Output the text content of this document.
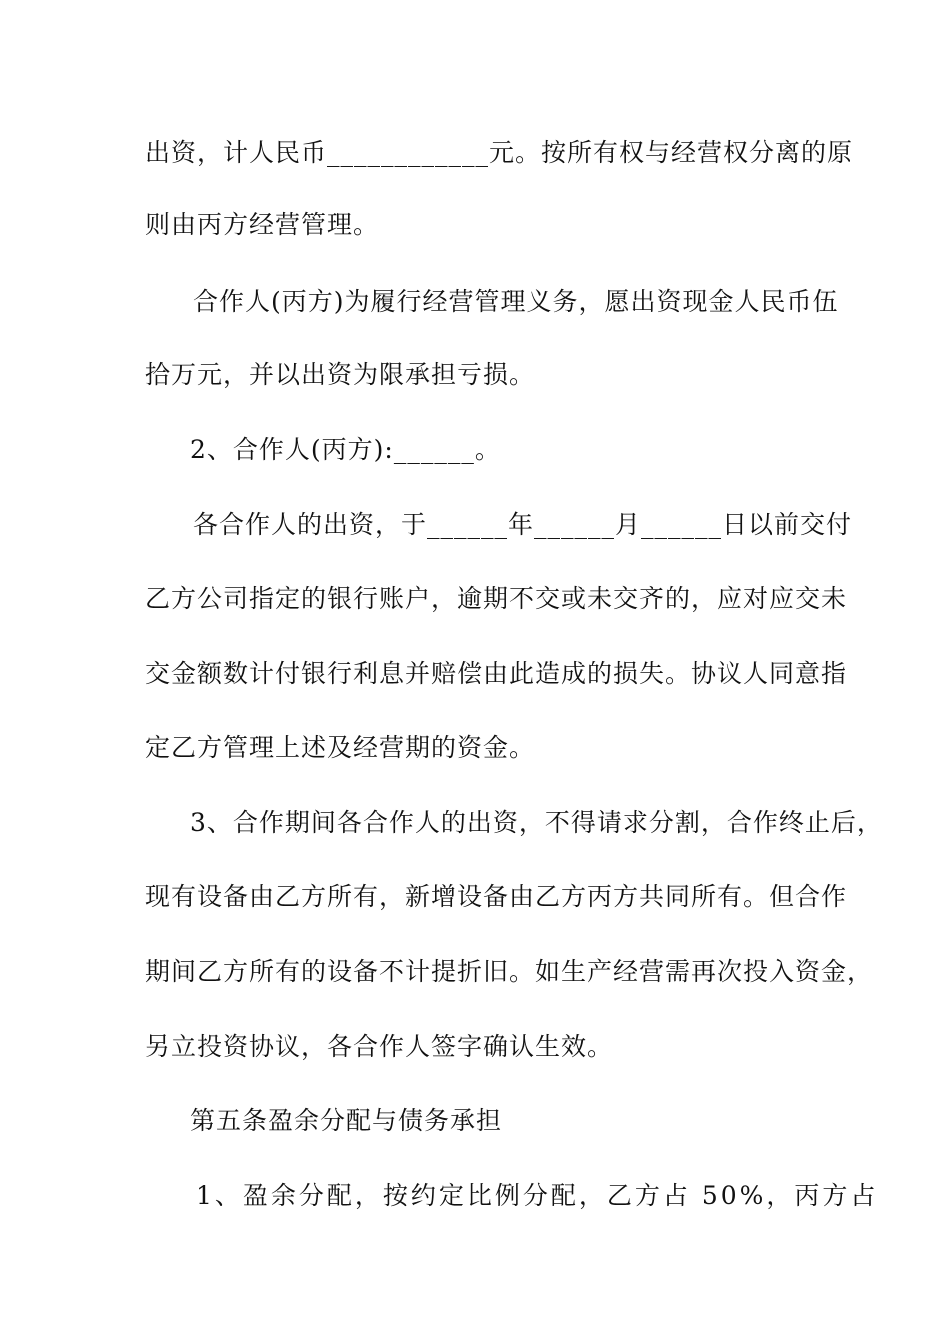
出资，计人民币____________元。按所有权与经营权分离的原
则由丙方经营管理。
合作人(丙方)为履行经营管理义务，愿出资现金人民币伍
拾万元，并以出资为限承担亏损。
2、合作人(丙方):______。
各合作人的出资，于______年______月______日以前交付
乙方公司指定的银行账户，逾期不交或未交齐的，应对应交未
交金额数计付银行利息并赔偿由此造成的损失。协议人同意指
定乙方管理上述及经营期的资金。
3、合作期间各合作人的出资，不得请求分割，合作终止后，
现有设备由乙方所有，新增设备由乙方丙方共同所有。但合作
期间乙方所有的设备不计提折旧。如生产经营需再次投入资金，
另立投资协议，各合作人签字确认生效。
第五条盈余分配与债务承担
1、盈余分配，按约定比例分配，乙方占 50%，丙方占
